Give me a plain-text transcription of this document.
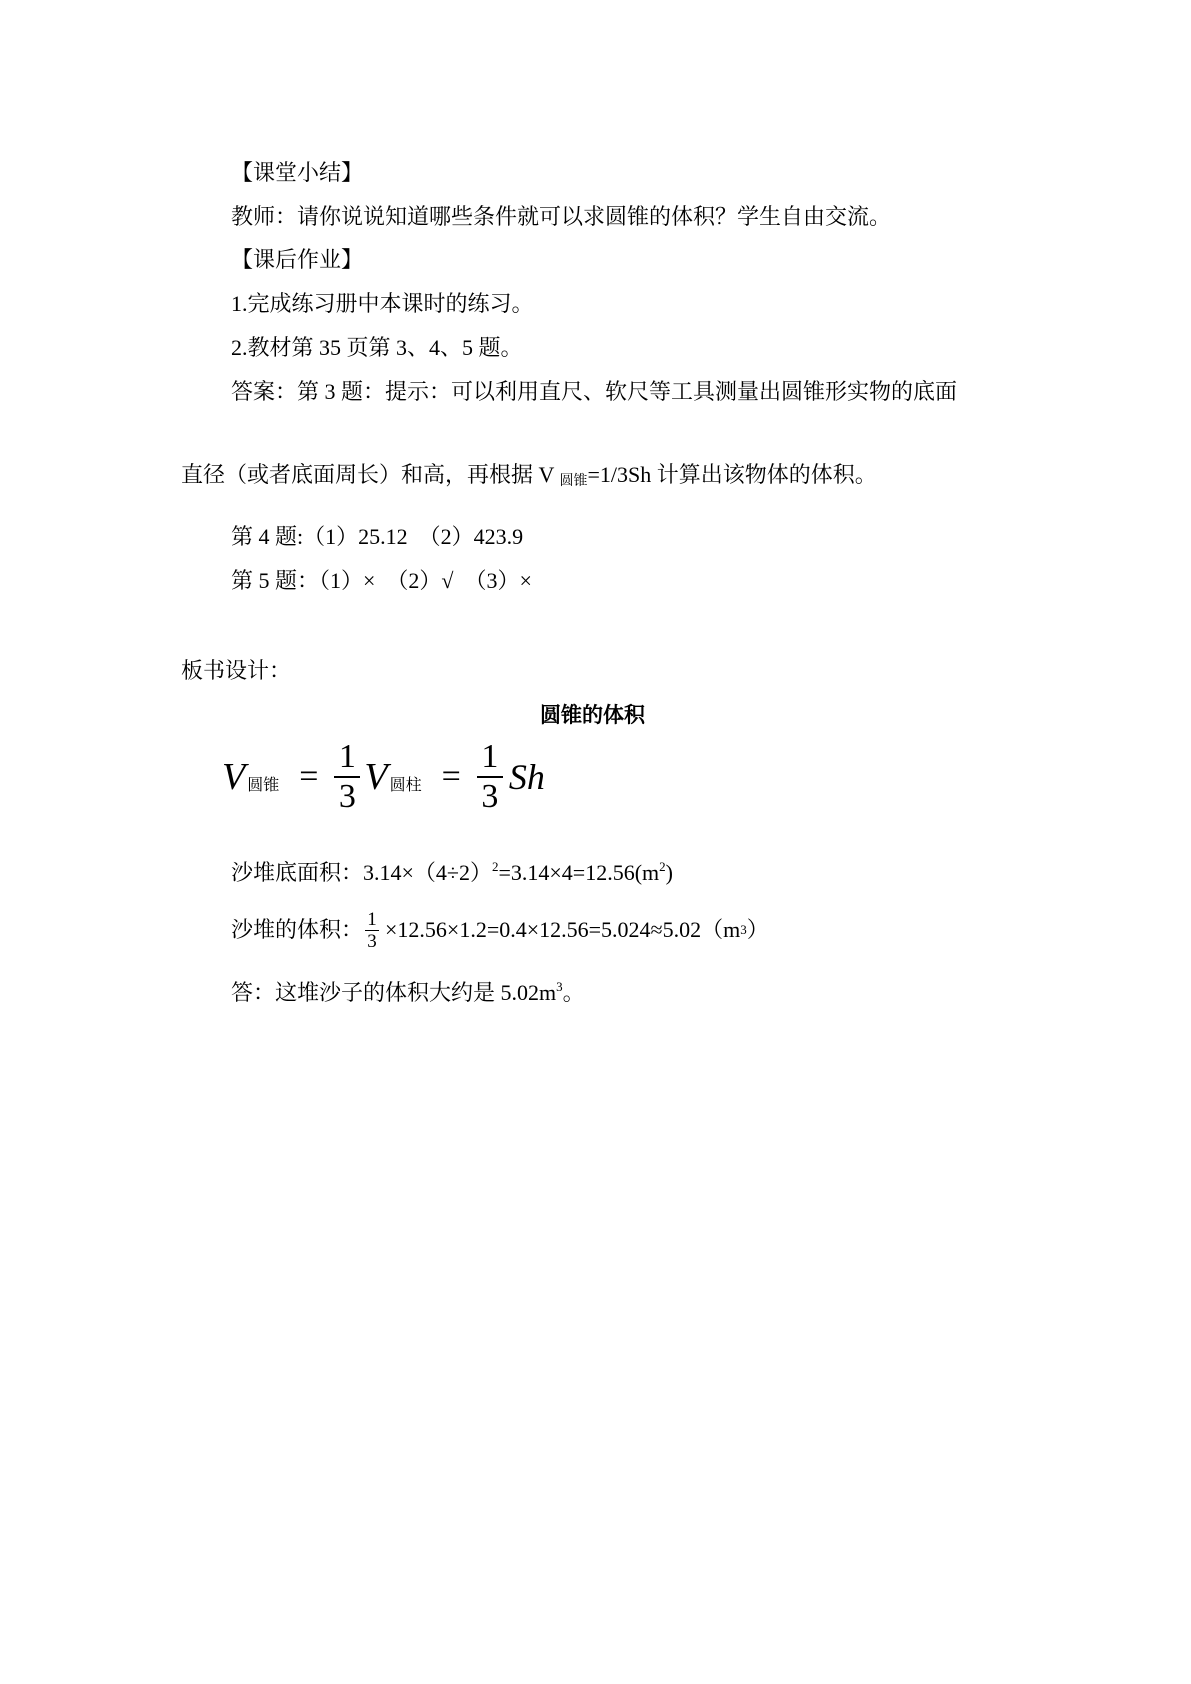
【课堂小结】
教师：请你说说知道哪些条件就可以求圆锥的体积？学生自由交流。
【课后作业】
1.完成练习册中本课时的练习。
2.教材第 35 页第 3、4、5 题。
答案：第 3 题：提示：可以利用直尺、软尺等工具测量出圆锥形实物的底面
直径（或者底面周长）和高，再根据 V $_{圆锥}$=1/3Sh 计算出该物体的体积。
第 4 题:（1）25.12　（2）423.9
第 5 题：（1）×　（2）√　（3）×
板书设计：
圆锥的体积
V 圆锥 = $\frac{1}{3}$ V 圆柱 = $\frac{1}{3}$ Sh
沙堆底面积：$3.14\times(4\div 2)^2=3.14\times 4=12.56(m^2)$
沙堆的体积： $\frac{1}{3} \times 12.56\times 1.2=0.4\times 12.56=5.024\approx 5.02(m$ 3 ）
答：这堆沙子的体积大约是 $5.02m^3$。
